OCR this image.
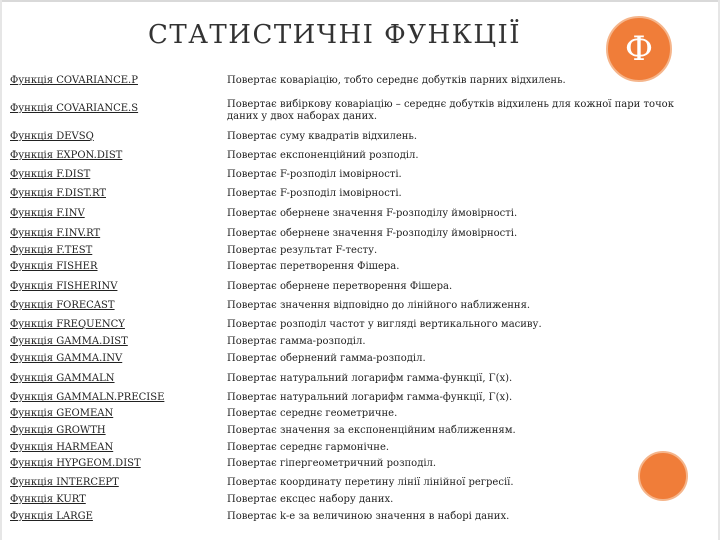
СТАТИСТИЧНІ ФУНКЦІЇ	Ф
Функція COVARIANCE.P	Повертає коваріацію, тобто середнє добутків парних відхилень.
Функція COVARIANCE.S	Повертає вибіркову коваріацію – середнє добутків відхилень для кожної пари точок даних у двох наборах даних.
Функція DEVSQ	Повертає суму квадратів відхилень.
Функція EXPON.DIST	Повертає експоненційний розподіл.
Функція F.DIST	Повертає F-розподіл імовірності.
Функція F.DIST.RT	Повертає F-розподіл імовірності.
Функція F.INV	Повертає обернене значення F-розподілу ймовірності.
Функція F.INV.RT	Повертає обернене значення F-розподілу ймовірності.
Функція F.TEST	Повертає результат F-тесту.
Функція FISHER	Повертає перетворення Фішера.
Функція FISHERINV	Повертає обернене перетворення Фішера.
Функція FORECAST	Повертає значення відповідно до лінійного наближення.
Функція FREQUENCY	Повертає розподіл частот у вигляді вертикального масиву.
Функція GAMMA.DIST	Повертає гамма-розподіл.
Функція GAMMA.INV	Повертає обернений гамма-розподіл.
Функція GAMMALN	Повертає натуральний логарифм гамма-функції, Γ(x).
Функція GAMMALN.PRECISE	Повертає натуральний логарифм гамма-функції, Γ(x).
Функція GEOMEAN	Повертає середнє геометричне.
Функція GROWTH	Повертає значення за експоненційним наближенням.
Функція HARMEAN	Повертає середнє гармонічне.
Функція HYPGEOM.DIST	Повертає гіпергеометричний розподіл.
Функція INTERCEPT	Повертає координату перетину лінії лінійної регресії.
Функція KURT	Повертає ексцес набору даних.
Функція LARGE	Повертає k-е за величиною значення в наборі даних.
